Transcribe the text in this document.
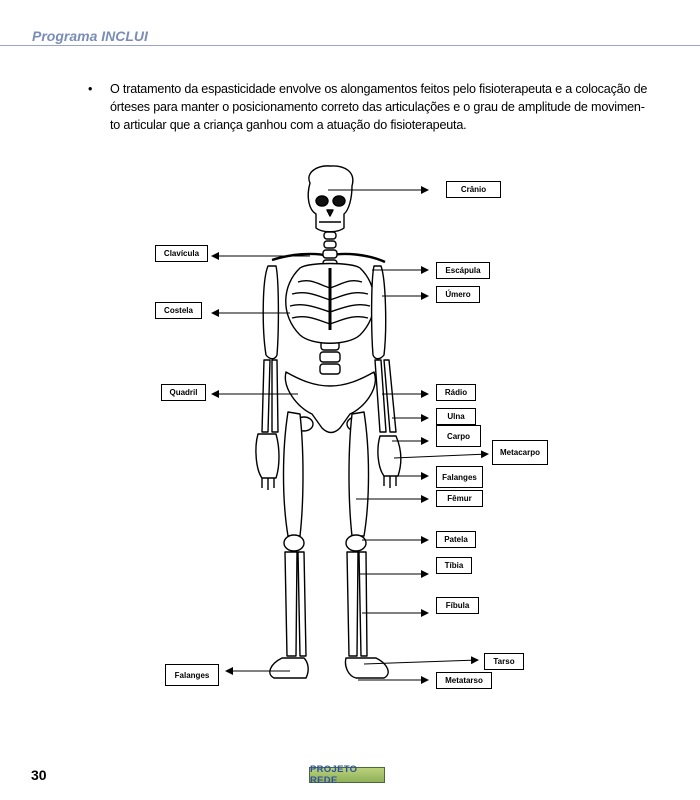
Programa INCLUI
• O tratamento da espasticidade envolve os alongamentos feitos pelo fisioterapeuta e a colocação de
órteses para manter o posicionamento correto das articulações e o grau de amplitude de movimen-
to articular que a criança ganhou com a atuação do fisioterapeuta.
Crânio
Clavícula
Escápula
Úmero
Costela
Quadril	Rádio
Ulna
Carpo
Metacarpo
Falanges
Fêmur
Patela
Tíbia
Fíbula
Tarso
Falanges
Metatarso
30	PROJETO REDE
